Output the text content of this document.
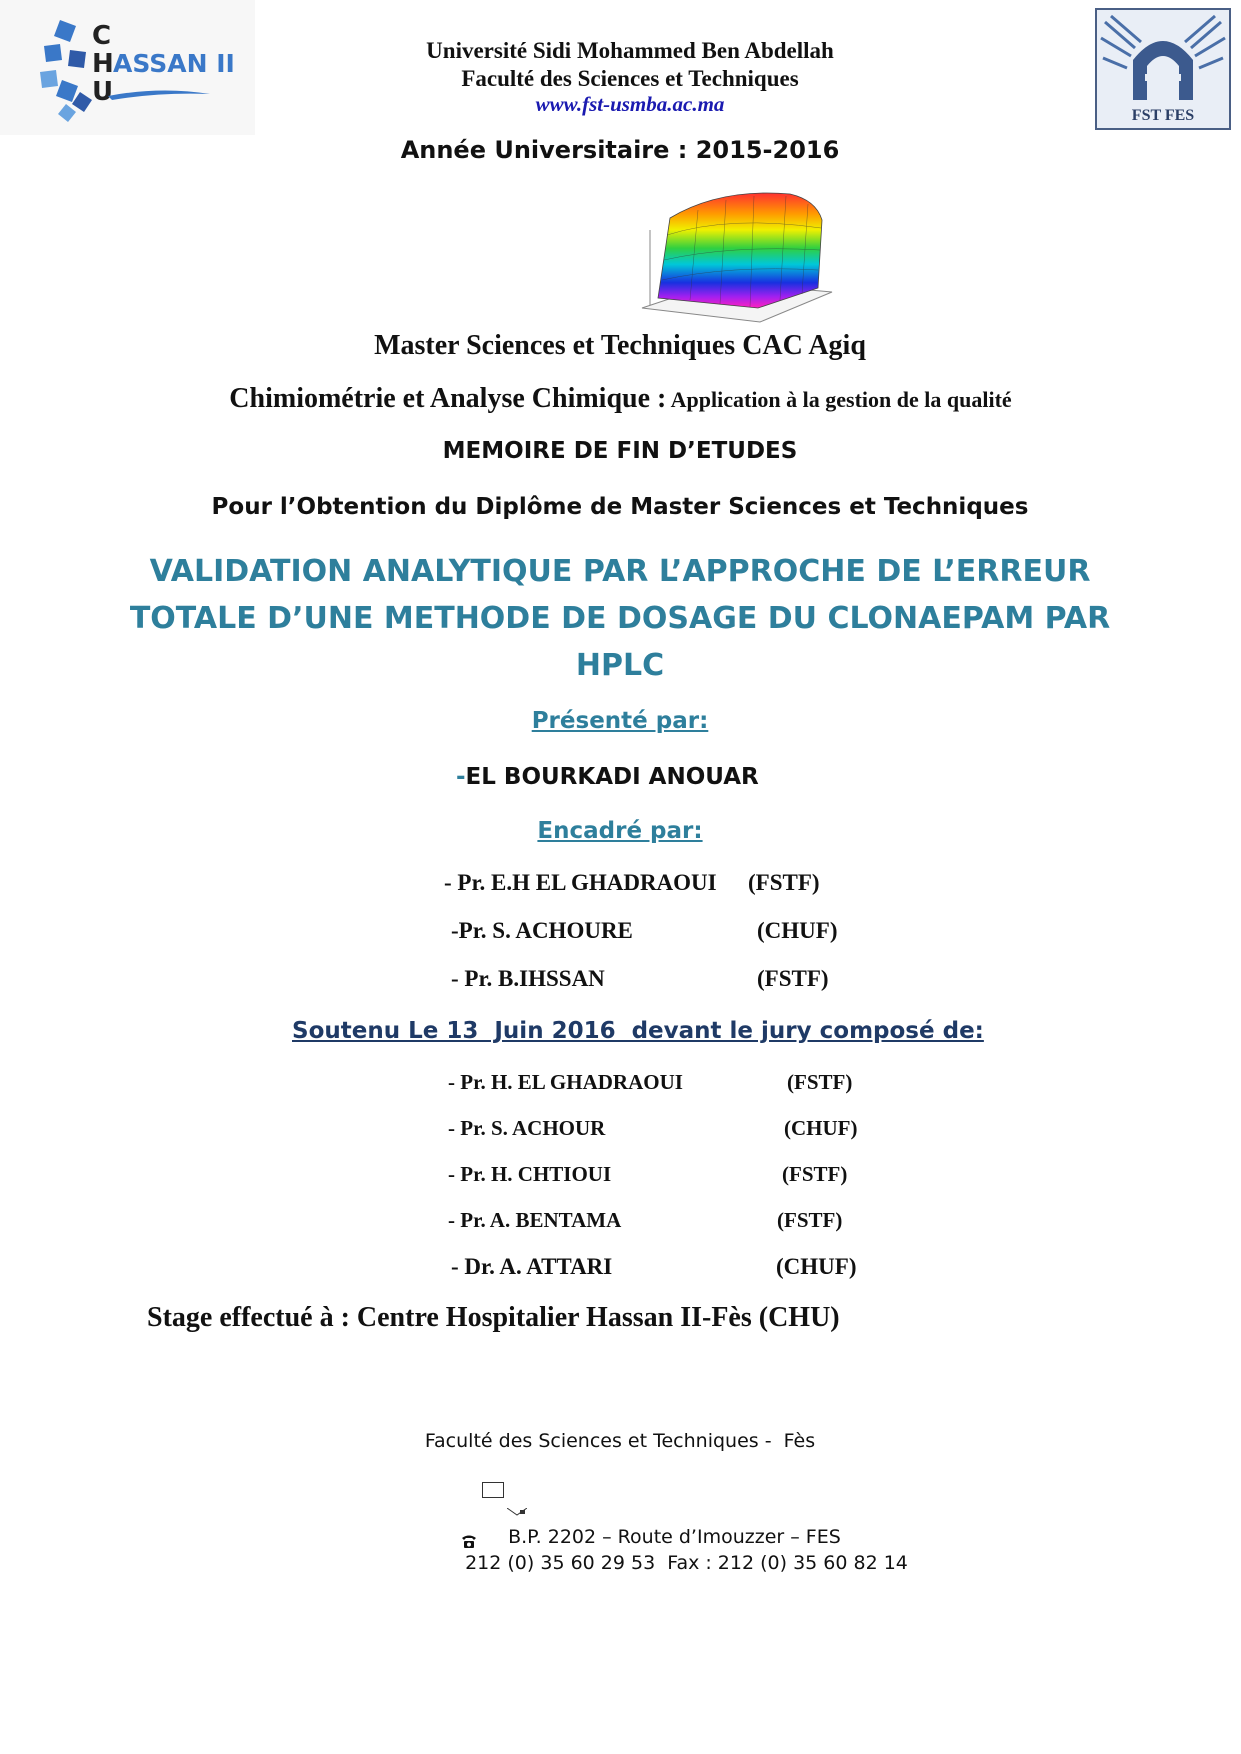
C
H ASSAN II
U
Université Sidi Mohammed Ben Abdellah
Faculté des Sciences et Techniques
www.fst-usmba.ac.ma	FST FES
Année Universitaire : 2015-2016
Master Sciences et Techniques CAC Agiq
Chimiométrie et Analyse Chimique : Application à la gestion de la qualité
MEMOIRE DE FIN D’ETUDES
Pour l’Obtention du Diplôme de Master Sciences et Techniques
VALIDATION ANALYTIQUE PAR L’APPROCHE DE L’ERREUR
TOTALE D’UNE METHODE DE DOSAGE DU CLONAEPAM PAR
HPLC
Présenté par:
-EL BOURKADI ANOUAR
Encadré par:
- Pr. E.H EL GHADRAOUI (FSTF)
-Pr. S. ACHOURE	(CHUF)
- Pr. B.IHSSAN	(FSTF)
Soutenu Le 13  Juin 2016  devant le jury composé de:
- Pr. H. EL GHADRAOUI	(FSTF)
- Pr. S. ACHOUR	(CHUF)
- Pr. H. CHTIOUI	(FSTF)
- Pr. A. BENTAMA	(FSTF)
- Dr. A. ATTARI	(CHUF)
Stage effectué à : Centre Hospitalier Hassan II-Fès (CHU)
Faculté des Sciences et Techniques -  Fès

B.P. 2202 – Route d’Imouzzer – FES

212 (0) 35 60 29 53  Fax : 212 (0) 35 60 82 14
